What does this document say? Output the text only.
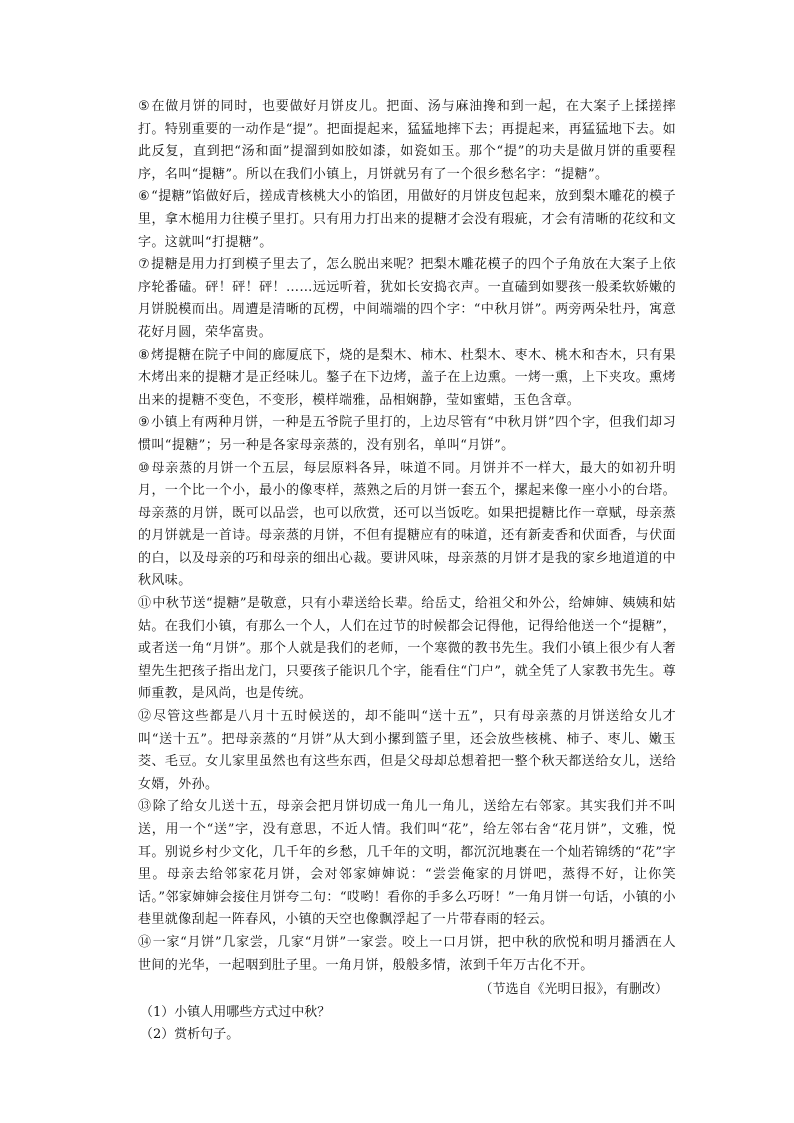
⑤在做月饼的同时，也要做好月饼皮儿。把面、汤与麻油搀和到一起，在大案子上揉搓摔打。特别重要的一动作是“提”。把面提起来，猛猛地摔下去；再提起来，再猛猛地下去。如此反复，直到把“汤和面”提溜到如胶如漆，如瓷如玉。那个“提”的功夫是做月饼的重要程序，名叫“提糖”。所以在我们小镇上，月饼就另有了一个很乡愁名字：“提糖”。

⑥“提糖”馅做好后，搓成青核桃大小的馅团，用做好的月饼皮包起来，放到梨木雕花的模子里，拿木槌用力往模子里打。只有用力打出来的提糖才会没有瑕疵，才会有清晰的花纹和文字。这就叫“打提糖”。

⑦提糖是用力打到模子里去了，怎么脱出来呢？把梨木雕花模子的四个子角放在大案子上依序轮番磕。砰！砰！砰！……远远听着，犹如长安捣衣声。一直磕到如婴孩一般柔软娇嫩的月饼脱模而出。周遭是清晰的瓦楞，中间端端的四个字：“中秋月饼”。两旁两朵牡丹，寓意花好月圆，荣华富贵。

⑧烤提糖在院子中间的廊厦底下，烧的是梨木、柿木、杜梨木、枣木、桃木和杏木，只有果木烤出来的提糖才是正经味儿。鏊子在下边烤，盖子在上边熏。一烤一熏，上下夹攻。熏烤出来的提糖不变色，不变形，模样端雅，品相娴静，莹如蜜蜡，玉色含章。

⑨小镇上有两种月饼，一种是五爷院子里打的，上边尽管有“中秋月饼”四个字，但我们却习惯叫“提糖”；另一种是各家母亲蒸的，没有别名，单叫“月饼”。

⑩母亲蒸的月饼一个五层，每层原料各异，味道不同。月饼并不一样大，最大的如初升明月，一个比一个小，最小的像枣样，蒸熟之后的月饼一套五个，摞起来像一座小小的台塔。母亲蒸的月饼，既可以品尝，也可以欣赏，还可以当饭吃。如果把提糖比作一章赋，母亲蒸的月饼就是一首诗。母亲蒸的月饼，不但有提糖应有的味道，还有新麦香和伏面香，与伏面的白，以及母亲的巧和母亲的细出心裁。要讲风味，母亲蒸的月饼才是我的家乡地道道的中秋风味。

⑪中秋节送“提糖”是敬意，只有小辈送给长辈。给岳丈，给祖父和外公，给婶婶、姨姨和姑姑。在我们小镇，有那么一个人，人们在过节的时候都会记得他，记得给他送一个“提糖”，或者送一角“月饼”。那个人就是我们的老师，一个寒微的教书先生。我们小镇上很少有人奢望先生把孩子指出龙门，只要孩子能识几个字，能看住“门户”，就全凭了人家教书先生。尊师重教，是风尚，也是传统。

⑫尽管这些都是八月十五时候送的，却不能叫“送十五”，只有母亲蒸的月饼送给女儿才叫“送十五”。把母亲蒸的“月饼”从大到小摞到篮子里，还会放些核桃、柿子、枣儿、嫩玉茭、毛豆。女儿家里虽然也有这些东西，但是父母却总想着把一整个秋天都送给女儿，送给女婿，外孙。

⑬除了给女儿送十五，母亲会把月饼切成一角儿一角儿，送给左右邻家。其实我们并不叫送，用一个“送”字，没有意思，不近人情。我们叫“花”，给左邻右舍“花月饼”，文雅，悦耳。别说乡村少文化，几千年的乡愁，几千年的文明，都沉沉地裹在一个灿若锦绣的“花”字里。母亲去给邻家花月饼，会对邻家婶婶说：“尝尝俺家的月饼吧，蒸得不好，让你笑话。”邻家婶婶会接住月饼夸二句：“哎哟！看你的手多么巧呀！”一角月饼一句话，小镇的小巷里就像刮起一阵春风，小镇的天空也像飘浮起了一片带春雨的轻云。

⑭一家“月饼”几家尝，几家“月饼”一家尝。咬上一口月饼，把中秋的欣悦和明月播洒在人世间的光华，一起咽到肚子里。一角月饼，般般多情，浓到千年万古化不开。

（节选自《光明日报》，有删改）

（1）小镇人用哪些方式过中秋？

（2）赏析句子。
